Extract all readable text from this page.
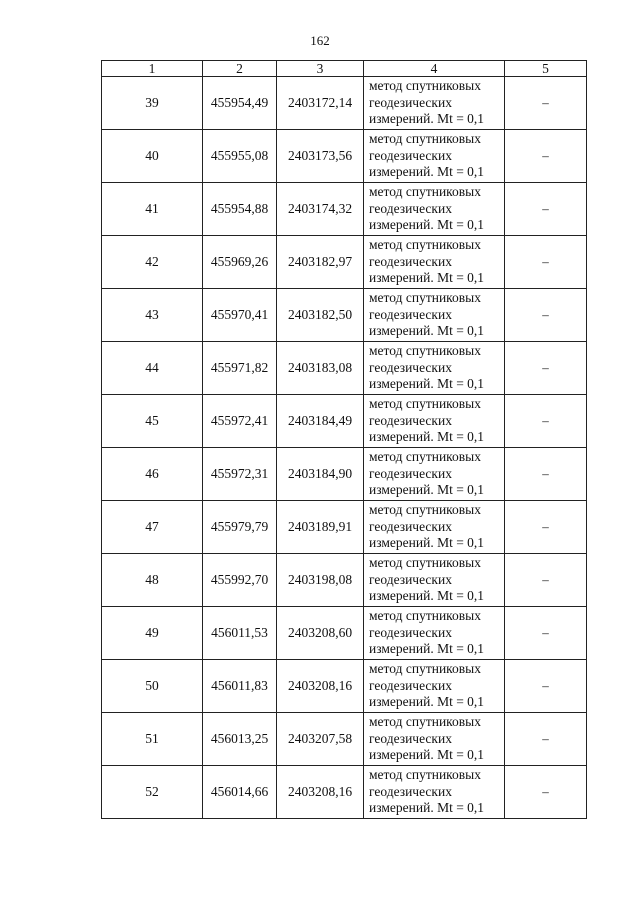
162
1	2	3	4	5
39	455954,49	2403172,14	метод спутниковых
геодезических
измерений. Mt = 0,1	–
40	455955,08	2403173,56	метод спутниковых
геодезических
измерений. Mt = 0,1	–
41	455954,88	2403174,32	метод спутниковых
геодезических
измерений. Mt = 0,1	–
42	455969,26	2403182,97	метод спутниковых
геодезических
измерений. Mt = 0,1	–
43	455970,41	2403182,50	метод спутниковых
геодезических
измерений. Mt = 0,1	–
44	455971,82	2403183,08	метод спутниковых
геодезических
измерений. Mt = 0,1	–
45	455972,41	2403184,49	метод спутниковых
геодезических
измерений. Mt = 0,1	–
46	455972,31	2403184,90	метод спутниковых
геодезических
измерений. Mt = 0,1	–
47	455979,79	2403189,91	метод спутниковых
геодезических
измерений. Mt = 0,1	–
48	455992,70	2403198,08	метод спутниковых
геодезических
измерений. Mt = 0,1	–
49	456011,53	2403208,60	метод спутниковых
геодезических
измерений. Mt = 0,1	–
50	456011,83	2403208,16	метод спутниковых
геодезических
измерений. Mt = 0,1	–
51	456013,25	2403207,58	метод спутниковых
геодезических
измерений. Mt = 0,1	–
52	456014,66	2403208,16	метод спутниковых
геодезических
измерений. Mt = 0,1	–
